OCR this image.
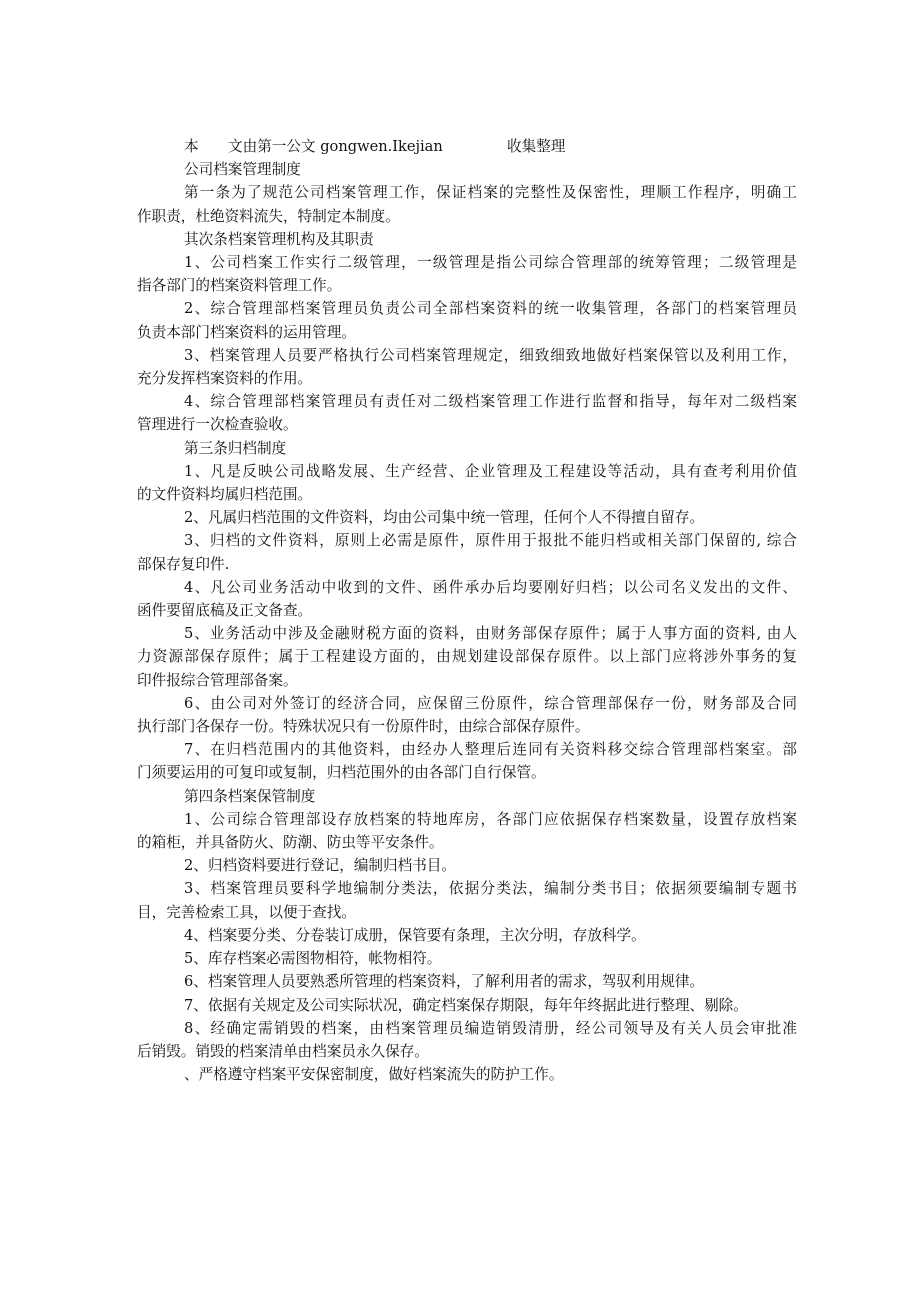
本 文由第一公文 gongwen.Ikejian	收集整理

公司档案管理制度

第一条为了规范公司档案管理工作，保证档案的完整性及保密性，理顺工作程序，明确工

作职责，杜绝资料流失，特制定本制度。

其次条档案管理机构及其职责

1、公司档案工作实行二级管理，一级管理是指公司综合管理部的统筹管理；二级管理是

指各部门的档案资料管理工作。

2、综合管理部档案管理员负责公司全部档案资料的统一收集管理，各部门的档案管理员

负责本部门档案资料的运用管理。

3、档案管理人员要严格执行公司档案管理规定，细致细致地做好档案保管以及利用工作，

充分发挥档案资料的作用。

4、综合管理部档案管理员有责任对二级档案管理工作进行监督和指导，每年对二级档案

管理进行一次检查验收。

第三条归档制度

1、凡是反映公司战略发展、生产经营、企业管理及工程建设等活动，具有查考利用价值

的文件资料均属归档范围。

2、凡属归档范围的文件资料，均由公司集中统一管理，任何个人不得擅自留存。

3、归档的文件资料，原则上必需是原件，原件用于报批不能归档或相关部门保留的, 综合

部保存复印件.

4、凡公司业务活动中收到的文件、函件承办后均要刚好归档；以公司名义发出的文件、

函件要留底稿及正文备查。

5、业务活动中涉及金融财税方面的资料，由财务部保存原件；属于人事方面的资料, 由人

力资源部保存原件；属于工程建设方面的，由规划建设部保存原件。以上部门应将涉外事务的复

印件报综合管理部备案。

6、由公司对外签订的经济合同，应保留三份原件，综合管理部保存一份，财务部及合同

执行部门各保存一份。特殊状况只有一份原件时，由综合部保存原件。

7、在归档范围内的其他资料，由经办人整理后连同有关资料移交综合管理部档案室。部

门须要运用的可复印或复制，归档范围外的由各部门自行保管。

第四条档案保管制度

1、公司综合管理部设存放档案的特地库房，各部门应依据保存档案数量，设置存放档案

的箱柜，并具备防火、防潮、防虫等平安条件。

2、归档资料要进行登记，编制归档书目。

3、档案管理员要科学地编制分类法，依据分类法，编制分类书目；依据须要编制专题书

目，完善检索工具，以便于查找。

4、档案要分类、分卷装订成册，保管要有条理，主次分明，存放科学。

5、库存档案必需图物相符，帐物相符。

6、档案管理人员要熟悉所管理的档案资料，了解利用者的需求，驾驭利用规律。

7、依据有关规定及公司实际状况，确定档案保存期限，每年年终据此进行整理、剔除。

8、经确定需销毁的档案，由档案管理员编造销毁清册，经公司领导及有关人员会审批准

后销毁。销毁的档案清单由档案员永久保存。

、严格遵守档案平安保密制度，做好档案流失的防护工作。
